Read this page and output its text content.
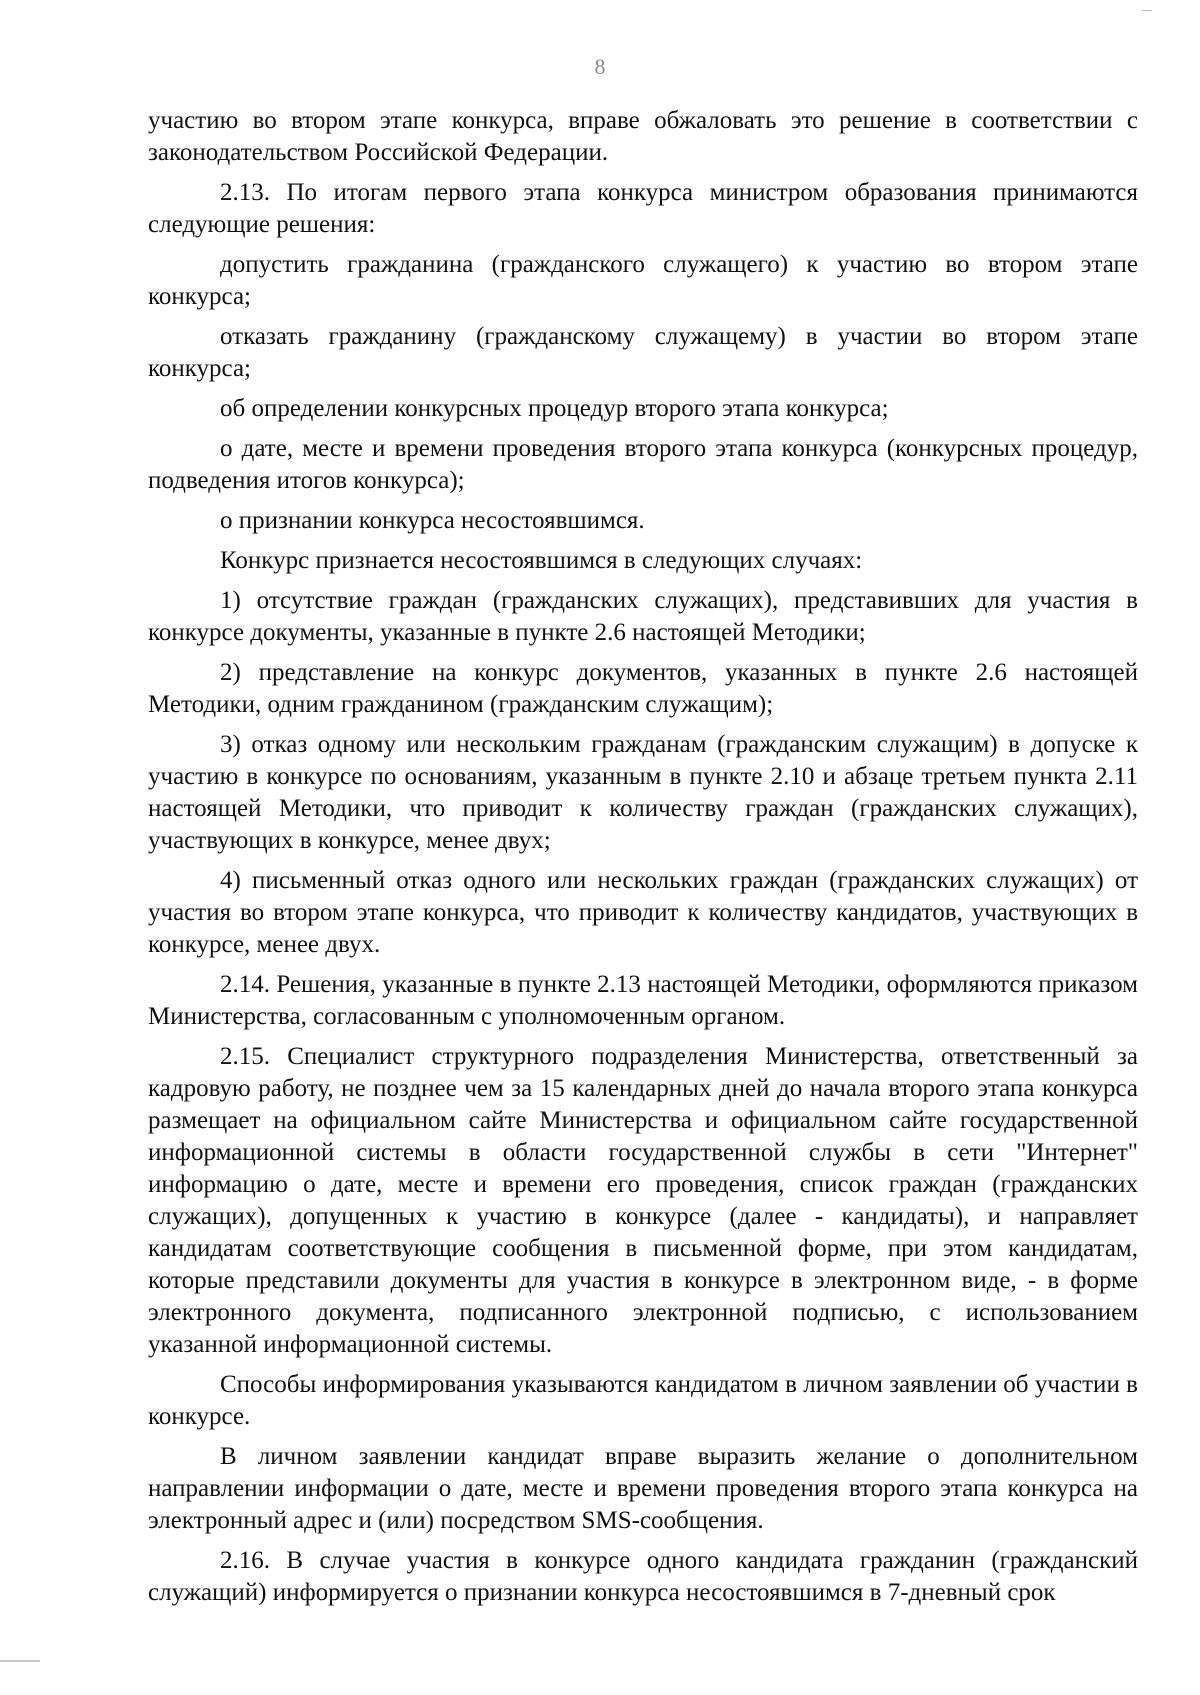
8

участию во втором этапе конкурса, вправе обжаловать это решение в соответствии с законодательством Российской Федерации.

2.13. По итогам первого этапа конкурса министром образования принимаются следующие решения:

допустить гражданина (гражданского служащего) к участию во втором этапе конкурса;

отказать гражданину (гражданскому служащему) в участии во втором этапе конкурса;

об определении конкурсных процедур второго этапа конкурса;

о дате, месте и времени проведения второго этапа конкурса (конкурсных процедур, подведения итогов конкурса);

о признании конкурса несостоявшимся.

Конкурс признается несостоявшимся в следующих случаях:

1) отсутствие граждан (гражданских служащих), представивших для участия в конкурсе документы, указанные в пункте 2.6 настоящей Методики;

2) представление на конкурс документов, указанных в пункте 2.6 настоящей Методики, одним гражданином (гражданским служащим);

3) отказ одному или нескольким гражданам (гражданским служащим) в допуске к участию в конкурсе по основаниям, указанным в пункте 2.10 и абзаце третьем пункта 2.11 настоящей Методики, что приводит к количеству граждан (гражданских служащих), участвующих в конкурсе, менее двух;

4) письменный отказ одного или нескольких граждан (гражданских служащих) от участия во втором этапе конкурса, что приводит к количеству кандидатов, участвующих в конкурсе, менее двух.

2.14. Решения, указанные в пункте 2.13 настоящей Методики, оформляются приказом Министерства, согласованным с уполномоченным органом.

2.15. Специалист структурного подразделения Министерства, ответственный за кадровую работу, не позднее чем за 15 календарных дней до начала второго этапа конкурса размещает на официальном сайте Министерства и официальном сайте государственной информационной системы в области государственной службы в сети "Интернет" информацию о дате, месте и времени его проведения, список граждан (гражданских служащих), допущенных к участию в конкурсе (далее - кандидаты), и направляет кандидатам соответствующие сообщения в письменной форме, при этом кандидатам, которые представили документы для участия в конкурсе в электронном виде, - в форме электронного документа, подписанного электронной подписью, с использованием указанной информационной системы.

Способы информирования указываются кандидатом в личном заявлении об участии в конкурсе.

В личном заявлении кандидат вправе выразить желание о дополнительном направлении информации о дате, месте и времени проведения второго этапа конкурса на электронный адрес и (или) посредством SMS-сообщения.

2.16. В случае участия в конкурсе одного кандидата гражданин (гражданский служащий) информируется о признании конкурса несостоявшимся в 7-дневный срок
